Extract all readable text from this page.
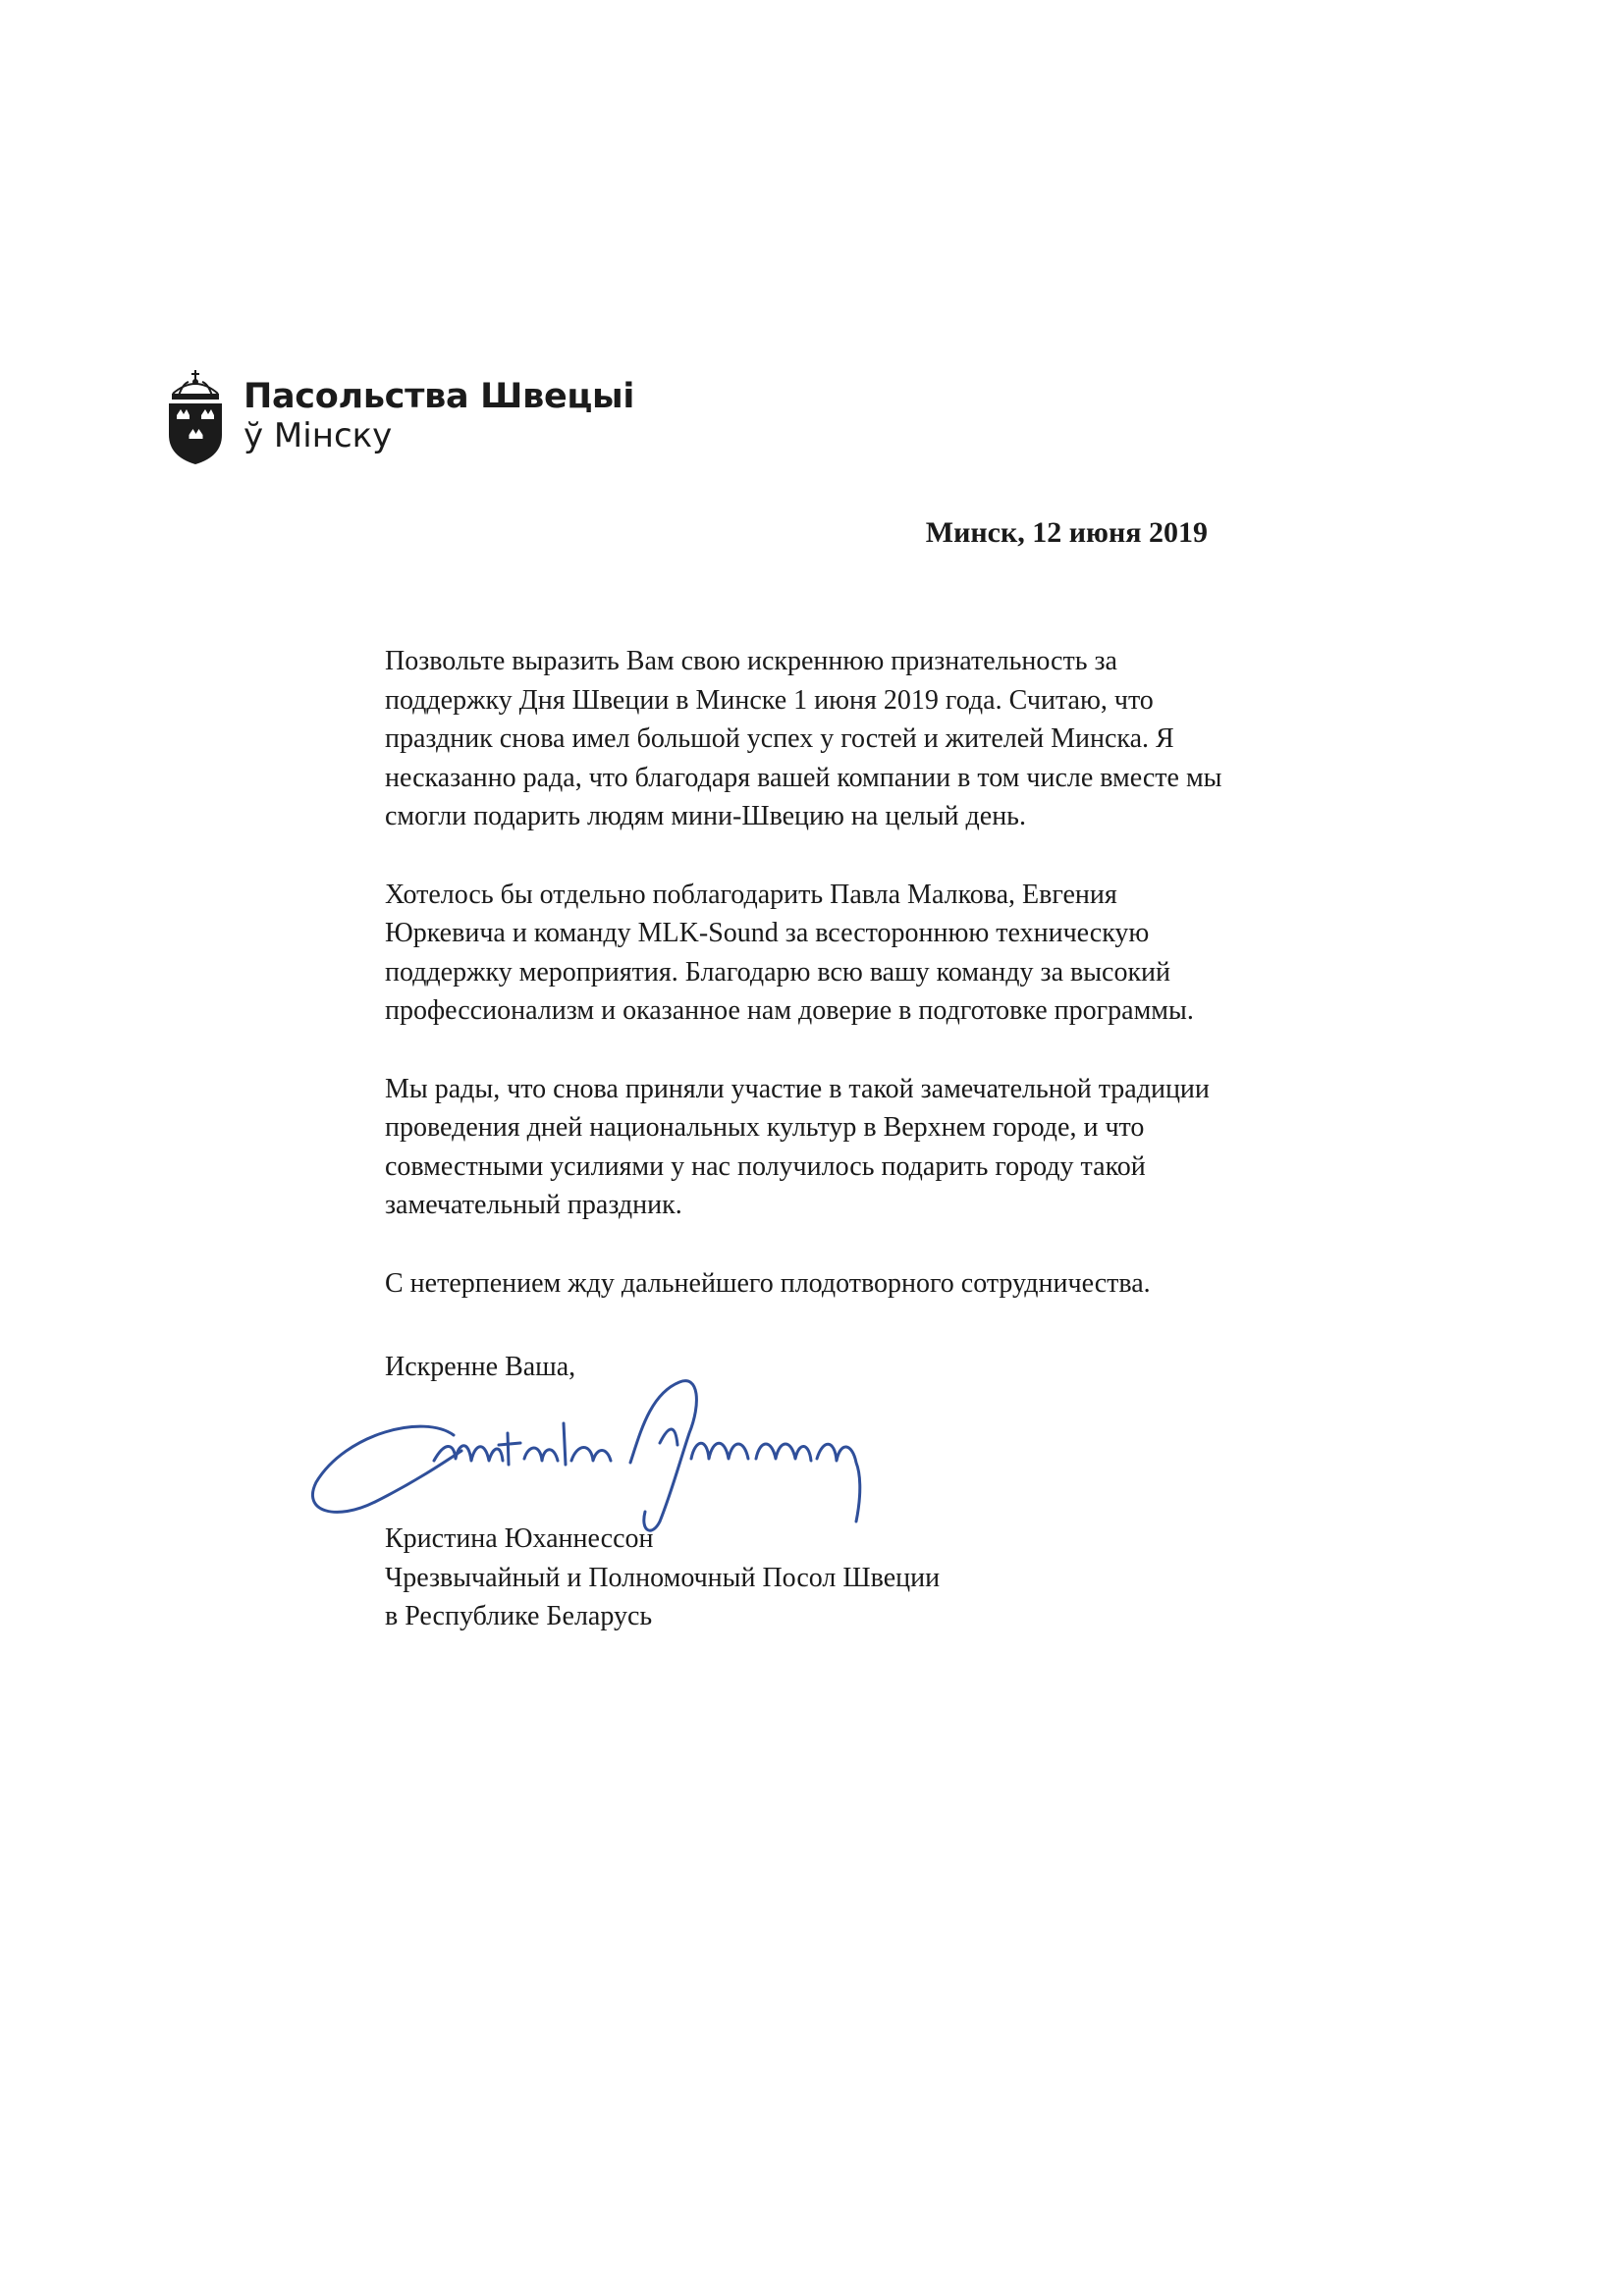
Пасольства Швецыі
ў Мінску
Минск, 12 июня 2019

Позвольте выразить Вам свою искреннюю признательность за
поддержку Дня Швеции в Минске 1 июня 2019 года. Считаю, что
праздник снова имел большой успех у гостей и жителей Минска. Я
несказанно рада, что благодаря вашей компании в том числе вместе мы
смогли подарить людям мини-Швецию на целый день.

Хотелось бы отдельно поблагодарить Павла Малкова, Евгения
Юркевича и команду MLK-Sound за всестороннюю техническую
поддержку мероприятия. Благодарю всю вашу команду за высокий
профессионализм и оказанное нам доверие в подготовке программы.

Мы рады, что снова приняли участие в такой замечательной традиции
проведения дней национальных культур в Верхнем городе, и что
совместными усилиями у нас получилось подарить городу такой
замечательный праздник.

С нетерпением жду дальнейшего плодотворного сотрудничества.

Искренне Ваша,
Кристина Юханнессон
Чрезвычайный и Полномочный Посол Швеции
в Республике Беларусь
